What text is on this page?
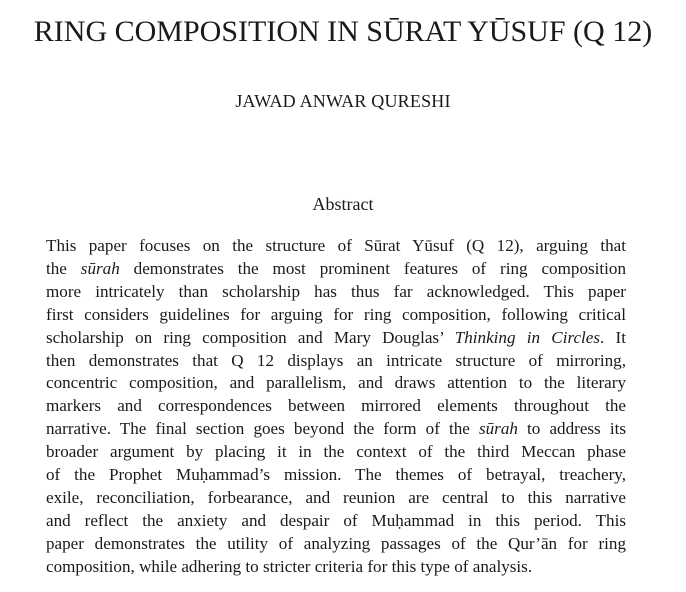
RING COMPOSITION IN SŪRAT YŪSUF (Q 12)
JAWAD ANWAR QURESHI
Abstract
This paper focuses on the structure of Sūrat Yūsuf (Q 12), arguing that
the sūrah demonstrates the most prominent features of ring composition
more intricately than scholarship has thus far acknowledged. This paper
first considers guidelines for arguing for ring composition, following critical
scholarship on ring composition and Mary Douglas’ Thinking in Circles. It
then demonstrates that Q 12 displays an intricate structure of mirroring,
concentric composition, and parallelism, and draws attention to the literary
markers and correspondences between mirrored elements throughout the
narrative. The final section goes beyond the form of the sūrah to address its
broader argument by placing it in the context of the third Meccan phase
of the Prophet Muḥammad’s mission. The themes of betrayal, treachery,
exile, reconciliation, forbearance, and reunion are central to this narrative
and reflect the anxiety and despair of Muḥammad in this period. This
paper demonstrates the utility of analyzing passages of the Qur’ān for ring
composition, while adhering to stricter criteria for this type of analysis.
